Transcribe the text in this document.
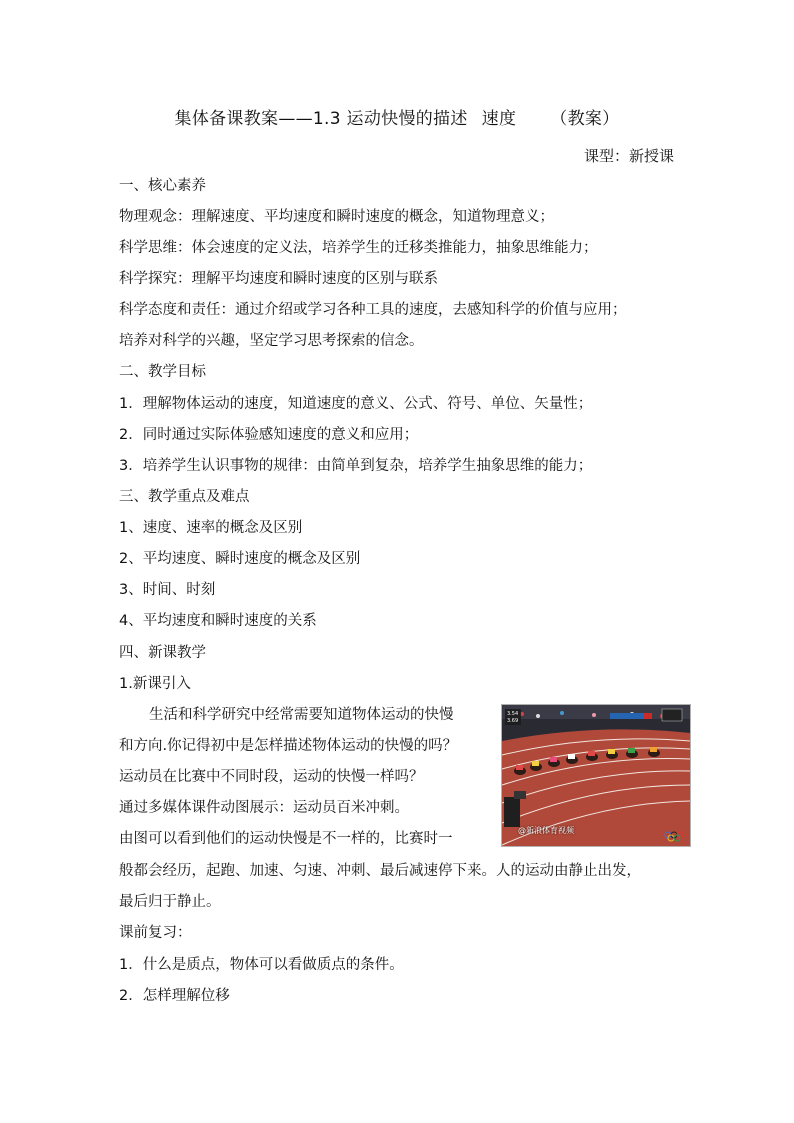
集体备课教案——1.3 运动快慢的描述 速度 （教案）
课型：新授课
一、核心素养
物理观念：理解速度、平均速度和瞬时速度的概念，知道物理意义；
科学思维：体会速度的定义法，培养学生的迁移类推能力，抽象思维能力；
科学探究：理解平均速度和瞬时速度的区别与联系
科学态度和责任：通过介绍或学习各种工具的速度，去感知科学的价值与应用；
培养对科学的兴趣，坚定学习思考探索的信念。
二、教学目标
1．理解物体运动的速度，知道速度的意义、公式、符号、单位、矢量性；
2．同时通过实际体验感知速度的意义和应用；
3．培养学生认识事物的规律：由简单到复杂，培养学生抽象思维的能力；
三、教学重点及难点
1、速度、速率的概念及区别
2、平均速度、瞬时速度的概念及区别
3、时间、时刻
4、平均速度和瞬时速度的关系
四、新课教学
1.新课引入
生活和科学研究中经常需要知道物体运动的快慢
和方向.你记得初中是怎样描述物体运动的快慢的吗？
运动员在比赛中不同时段，运动的快慢一样吗？
通过多媒体课件动图展示：运动员百米冲刺。
由图可以看到他们的运动快慢是不一样的，比赛时一
般都会经历，起跑、加速、匀速、冲刺、最后减速停下来。人的运动由静止出发，
最后归于静止。
课前复习：
1．什么是质点，物体可以看做质点的条件。
2．怎样理解位移
3.54
3.69
@新浪体育视频
